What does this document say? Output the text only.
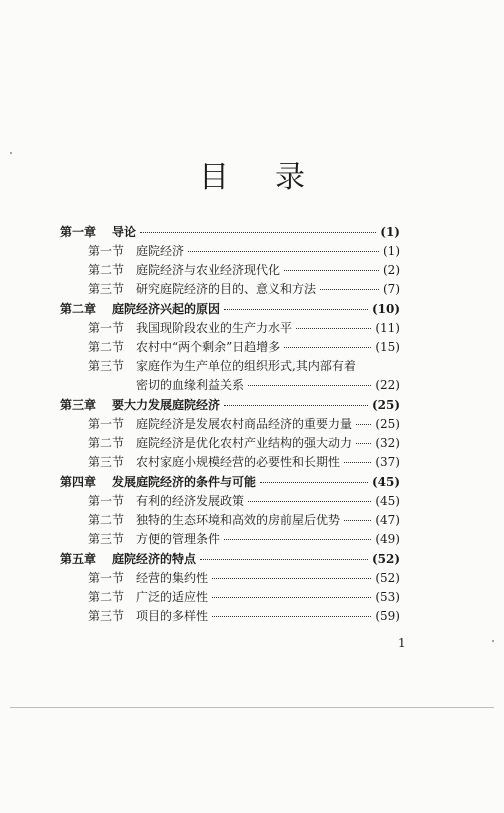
目录
第一章	导论	(1)
第一节 庭院经济	(1)
第二节 庭院经济与农业经济现代化	(2)
第三节 研究庭院经济的目的、意义和方法	(7)
第二章	庭院经济兴起的原因	(10)
第一节 我国现阶段农业的生产力水平	(11)
第二节 农村中“两个剩余”日趋增多	(15)
第三节 家庭作为生产单位的组织形式,其内部有着
密切的血缘利益关系	(22)
第三章	要大力发展庭院经济	(25)
第一节 庭院经济是发展农村商品经济的重要力量 (25)
第二节 庭院经济是优化农村产业结构的强大动力 (32)
第三节 农村家庭小规模经营的必要性和长期性	(37)
第四章	发展庭院经济的条件与可能	(45)
第一节 有利的经济发展政策	(45)
第二节 独特的生态环境和高效的房前屋后优势	(47)
第三节 方便的管理条件	(49)
第五章	庭院经济的特点	(52)
第一节 经营的集约性	(52)
第二节 广泛的适应性	(53)
第三节 项目的多样性	(59)
1
